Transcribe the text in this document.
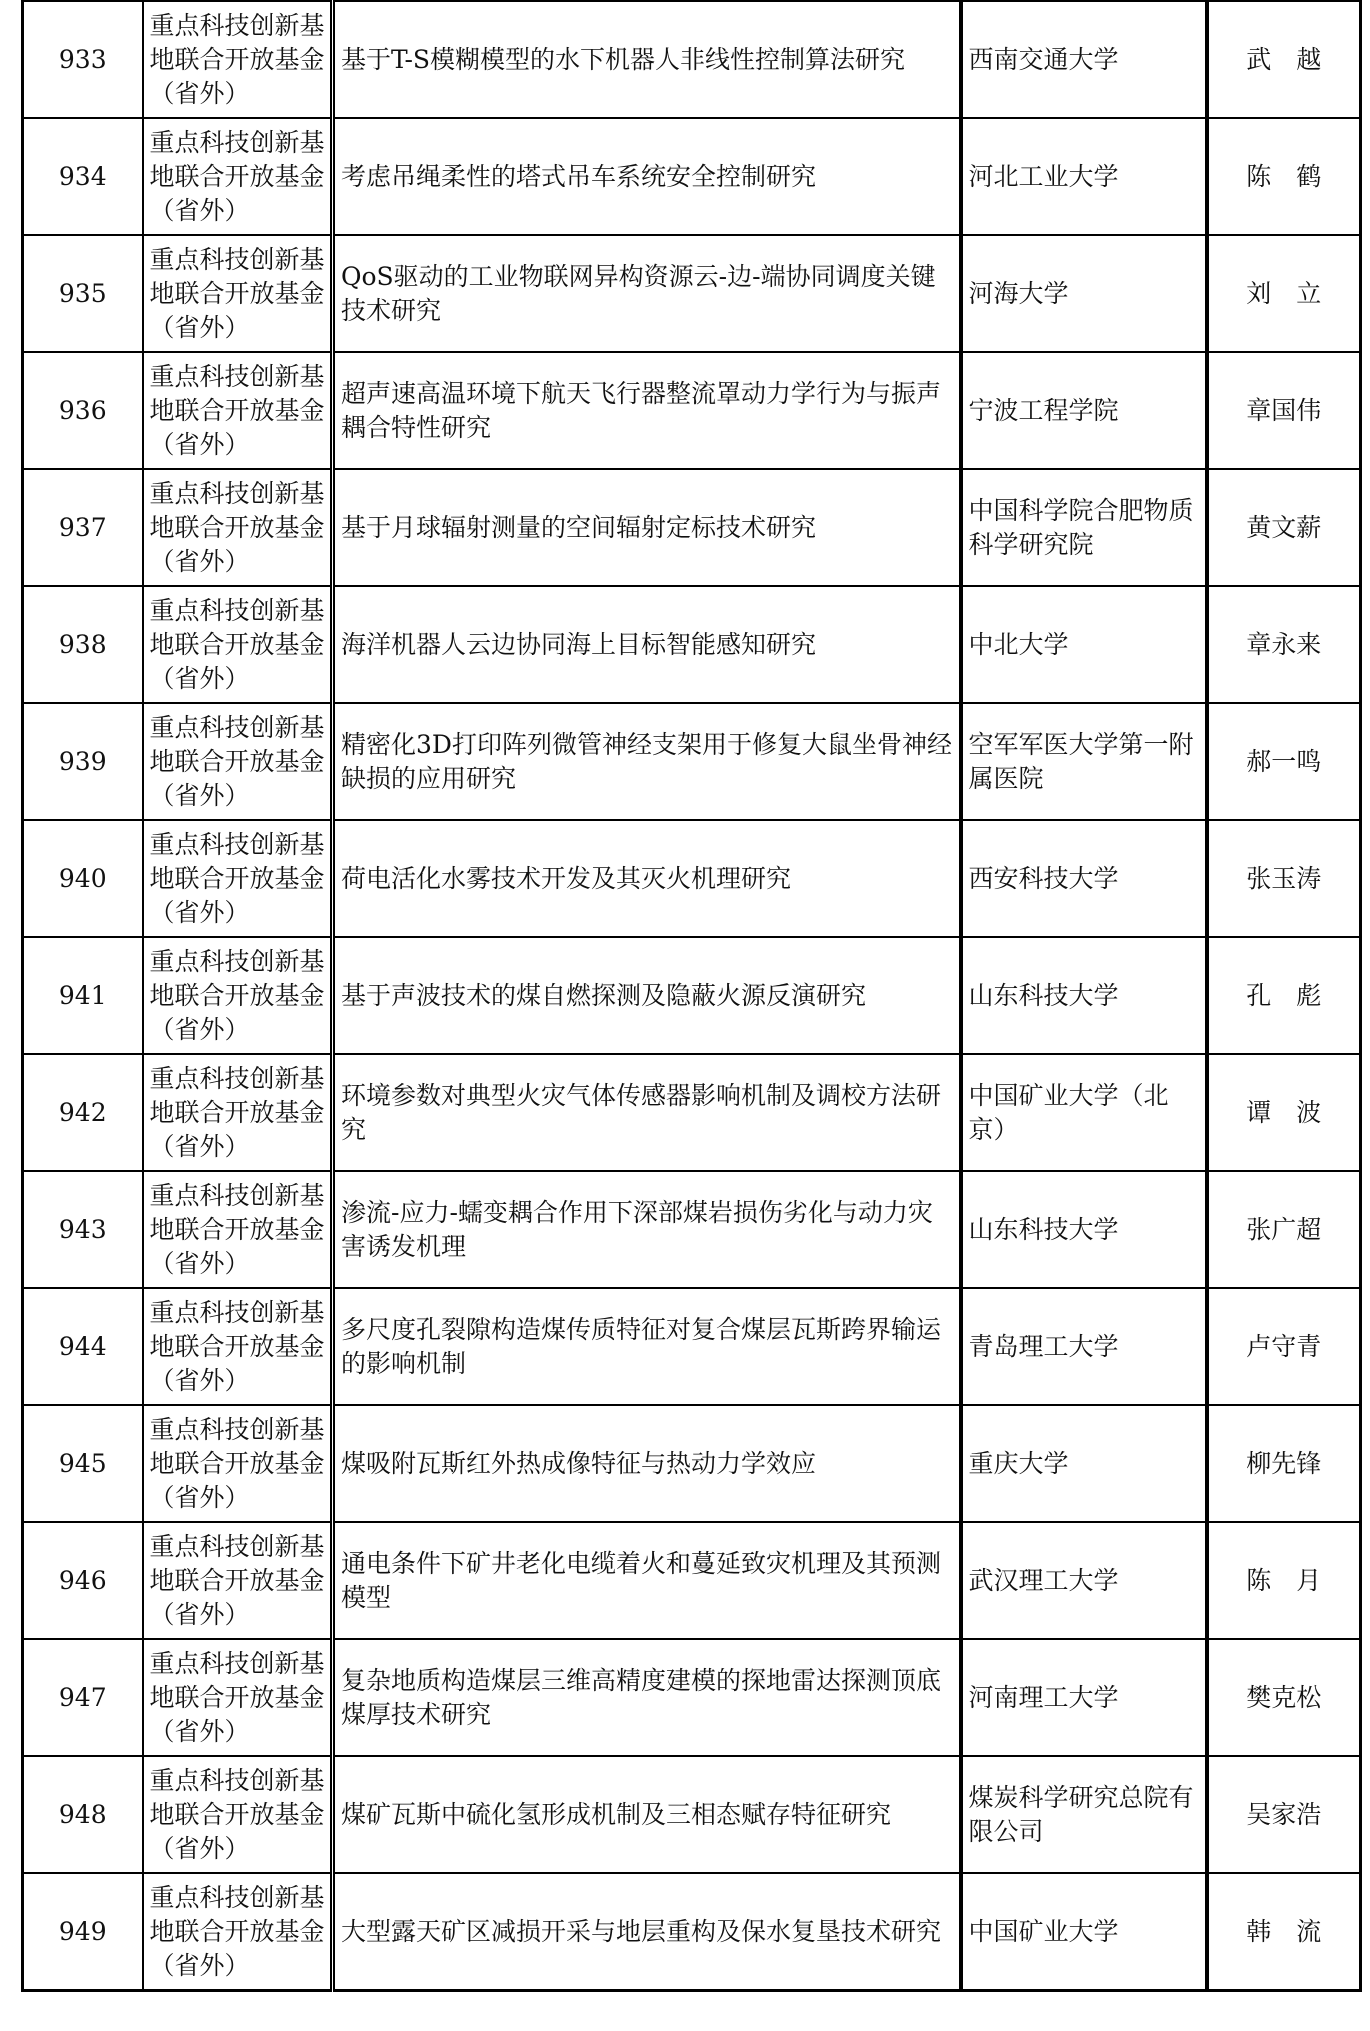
933	重点科技创新基地联合开放基金（省外）	基于T-S模糊模型的水下机器人非线性控制算法研究	西南交通大学	武　越
934	重点科技创新基地联合开放基金（省外）	考虑吊绳柔性的塔式吊车系统安全控制研究	河北工业大学	陈　鹤
935	重点科技创新基地联合开放基金（省外）	QoS驱动的工业物联网异构资源云-边-端协同调度关键技术研究	河海大学	刘　立
936	重点科技创新基地联合开放基金（省外）	超声速高温环境下航天飞行器整流罩动力学行为与振声耦合特性研究	宁波工程学院	章国伟
937	重点科技创新基地联合开放基金（省外）	基于月球辐射测量的空间辐射定标技术研究	中国科学院合肥物质科学研究院	黄文薪
938	重点科技创新基地联合开放基金（省外）	海洋机器人云边协同海上目标智能感知研究	中北大学	章永来
939	重点科技创新基地联合开放基金（省外）	精密化3D打印阵列微管神经支架用于修复大鼠坐骨神经缺损的应用研究	空军军医大学第一附属医院	郝一鸣
940	重点科技创新基地联合开放基金（省外）	荷电活化水雾技术开发及其灭火机理研究	西安科技大学	张玉涛
941	重点科技创新基地联合开放基金（省外）	基于声波技术的煤自燃探测及隐蔽火源反演研究	山东科技大学	孔　彪
942	重点科技创新基地联合开放基金（省外）	环境参数对典型火灾气体传感器影响机制及调校方法研究	中国矿业大学（北京）	谭　波
943	重点科技创新基地联合开放基金（省外）	渗流-应力-蠕变耦合作用下深部煤岩损伤劣化与动力灾害诱发机理	山东科技大学	张广超
944	重点科技创新基地联合开放基金（省外）	多尺度孔裂隙构造煤传质特征对复合煤层瓦斯跨界输运的影响机制	青岛理工大学	卢守青
945	重点科技创新基地联合开放基金（省外）	煤吸附瓦斯红外热成像特征与热动力学效应	重庆大学	柳先锋
946	重点科技创新基地联合开放基金（省外）	通电条件下矿井老化电缆着火和蔓延致灾机理及其预测模型	武汉理工大学	陈　月
947	重点科技创新基地联合开放基金（省外）	复杂地质构造煤层三维高精度建模的探地雷达探测顶底煤厚技术研究	河南理工大学	樊克松
948	重点科技创新基地联合开放基金（省外）	煤矿瓦斯中硫化氢形成机制及三相态赋存特征研究	煤炭科学研究总院有限公司	吴家浩
949	重点科技创新基地联合开放基金（省外）	大型露天矿区减损开采与地层重构及保水复垦技术研究	中国矿业大学	韩　流
